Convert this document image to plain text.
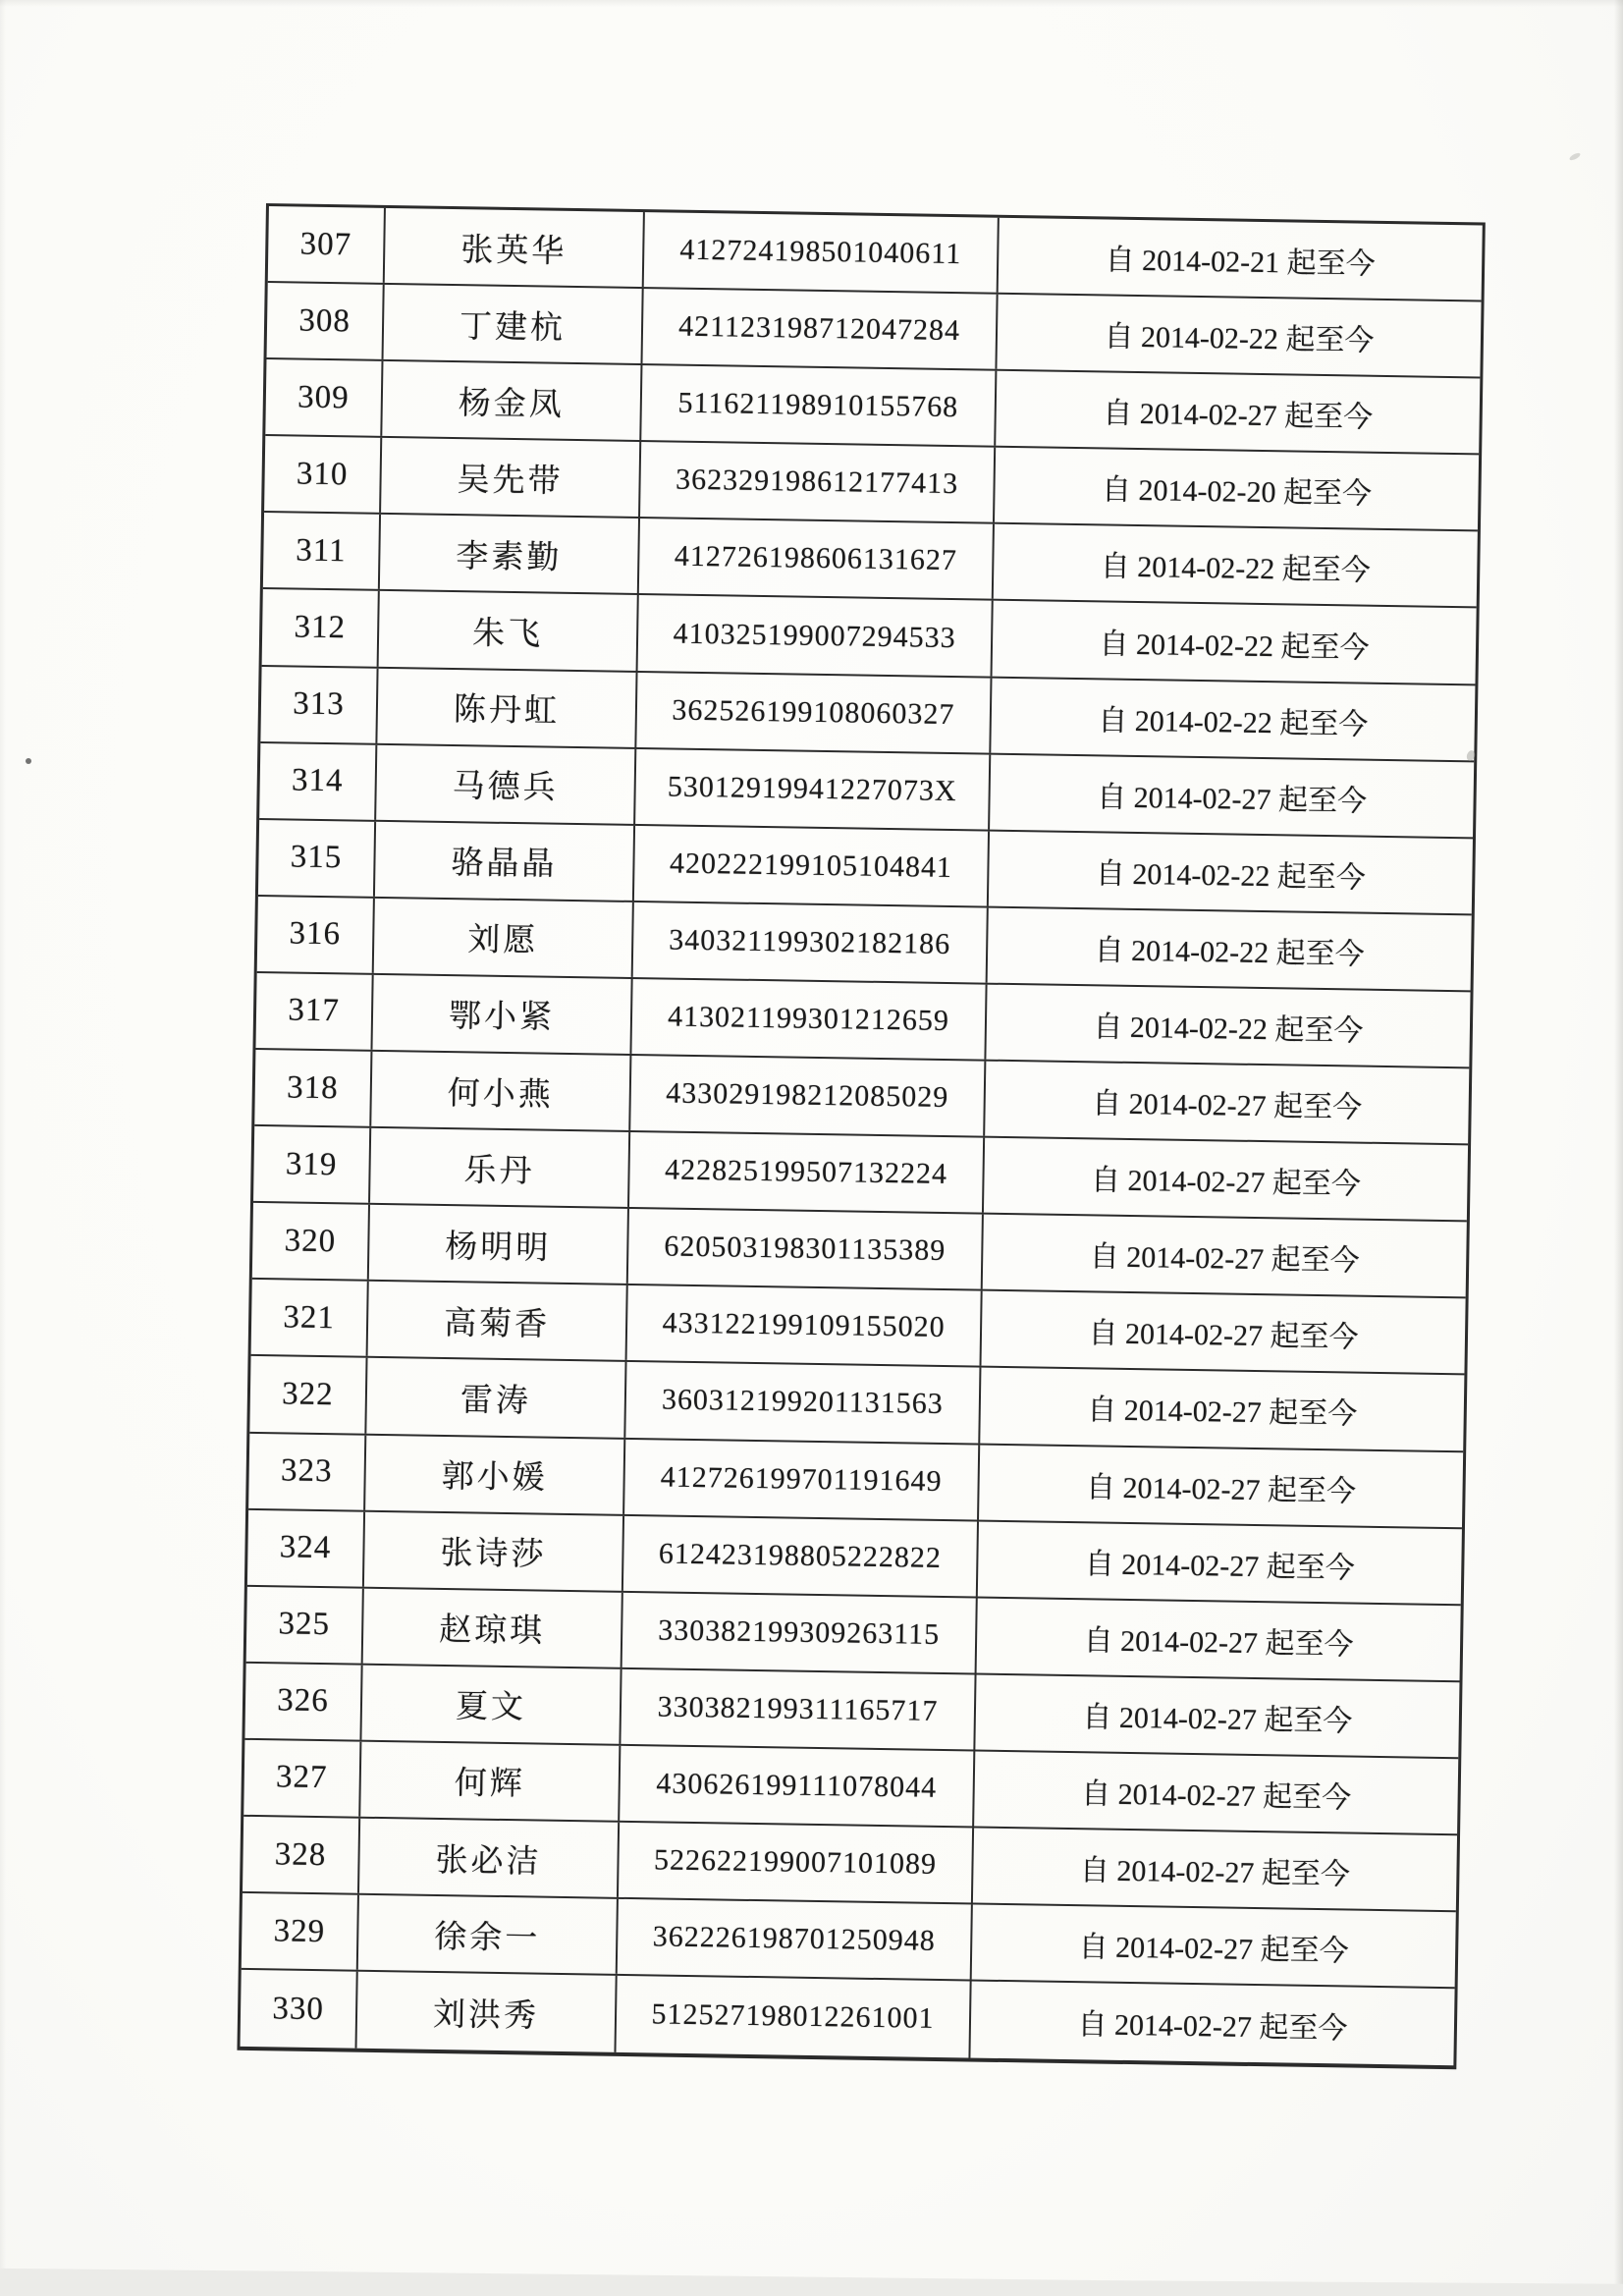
307	张英华	412724198501040611	自 2014-02-21 起至今
308	丁建杭	421123198712047284	自 2014-02-22 起至今
309	杨金凤	511621198910155768	自 2014-02-27 起至今
310	吴先带	362329198612177413	自 2014-02-20 起至今
311	李素勤	412726198606131627	自 2014-02-22 起至今
312	朱飞	410325199007294533	自 2014-02-22 起至今
313	陈丹虹	362526199108060327	自 2014-02-22 起至今
314	马德兵	53012919941227073X	自 2014-02-27 起至今
315	骆晶晶	420222199105104841	自 2014-02-22 起至今
316	刘愿	340321199302182186	自 2014-02-22 起至今
317	鄂小紧	413021199301212659	自 2014-02-22 起至今
318	何小燕	433029198212085029	自 2014-02-27 起至今
319	乐丹	422825199507132224	自 2014-02-27 起至今
320	杨明明	620503198301135389	自 2014-02-27 起至今
321	高菊香	433122199109155020	自 2014-02-27 起至今
322	雷涛	360312199201131563	自 2014-02-27 起至今
323	郭小媛	412726199701191649	自 2014-02-27 起至今
324	张诗莎	612423198805222822	自 2014-02-27 起至今
325	赵琼琪	330382199309263115	自 2014-02-27 起至今
326	夏文	330382199311165717	自 2014-02-27 起至今
327	何辉	430626199111078044	自 2014-02-27 起至今
328	张必洁	522622199007101089	自 2014-02-27 起至今
329	徐余一	362226198701250948	自 2014-02-27 起至今
330	刘洪秀	512527198012261001	自 2014-02-27 起至今
